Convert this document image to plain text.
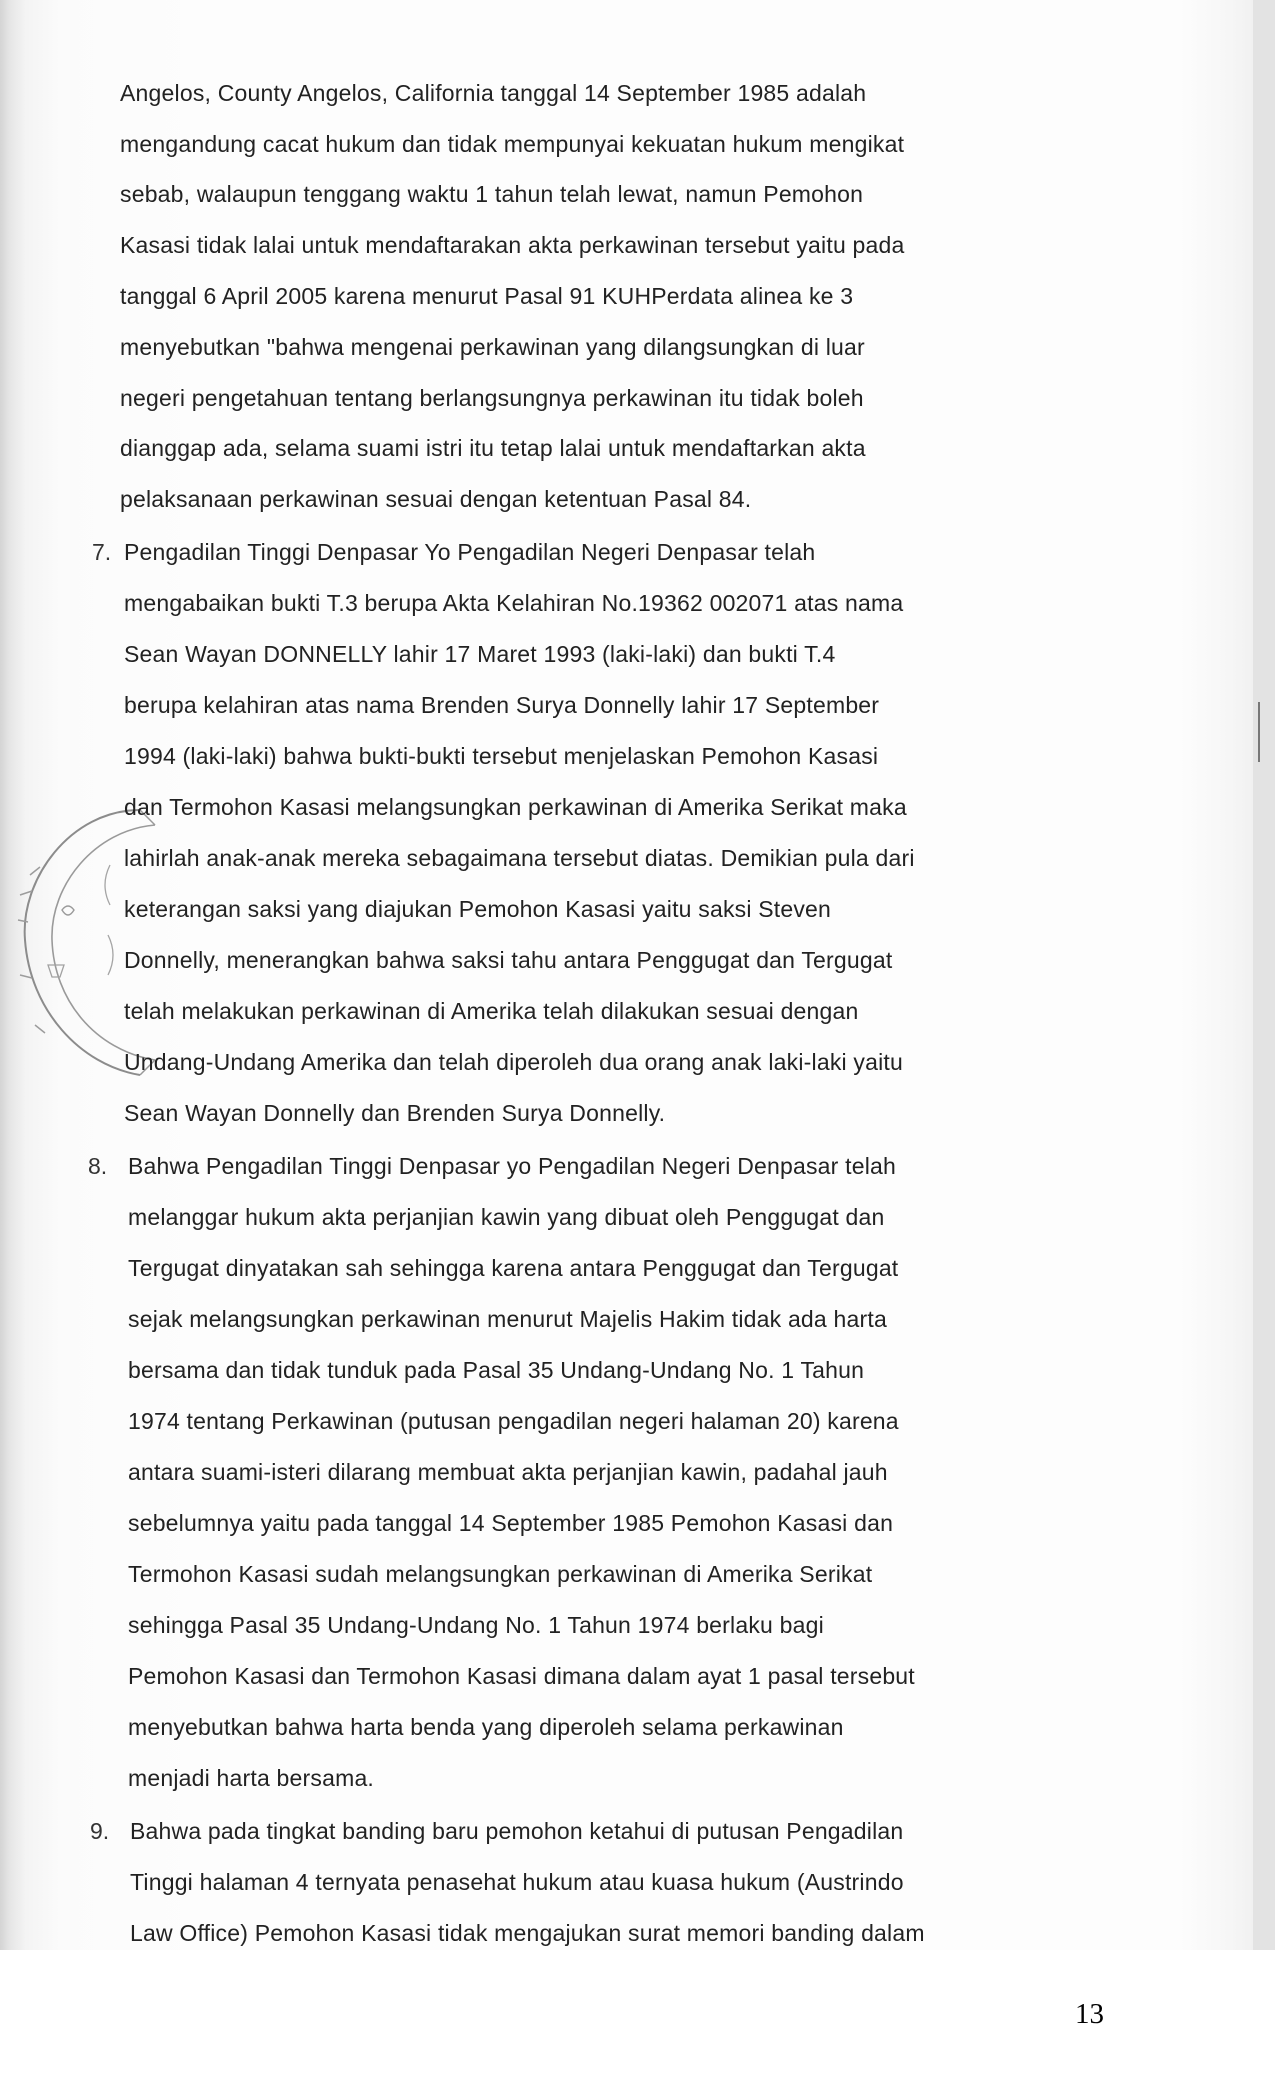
Angelos, County Angelos, California tanggal 14 September 1985 adalah
mengandung cacat hukum dan tidak mempunyai kekuatan hukum mengikat
sebab, walaupun tenggang waktu 1 tahun telah lewat, namun Pemohon
Kasasi tidak lalai untuk mendaftarakan akta perkawinan tersebut yaitu pada
tanggal 6 April 2005 karena menurut Pasal 91 KUHPerdata alinea ke 3
menyebutkan "bahwa mengenai perkawinan yang dilangsungkan di luar
negeri pengetahuan tentang berlangsungnya perkawinan itu tidak boleh
dianggap ada, selama suami istri itu tetap lalai untuk mendaftarkan akta
pelaksanaan perkawinan sesuai dengan ketentuan Pasal 84.
7. Pengadilan Tinggi Denpasar Yo Pengadilan Negeri Denpasar telah
mengabaikan bukti T.3 berupa Akta Kelahiran No.19362 002071 atas nama
Sean Wayan DONNELLY lahir 17 Maret 1993 (laki-laki) dan bukti T.4
berupa kelahiran atas nama Brenden Surya Donnelly lahir 17 September
1994 (laki-laki) bahwa bukti-bukti tersebut menjelaskan Pemohon Kasasi
dan Termohon Kasasi melangsungkan perkawinan di Amerika Serikat maka
lahirlah anak-anak mereka sebagaimana tersebut diatas. Demikian pula dari
keterangan saksi yang diajukan Pemohon Kasasi yaitu saksi Steven
Donnelly, menerangkan bahwa saksi tahu antara Penggugat dan Tergugat
telah melakukan perkawinan di Amerika telah dilakukan sesuai dengan
Undang-Undang Amerika dan telah diperoleh dua orang anak laki-laki yaitu
Sean Wayan Donnelly dan Brenden Surya Donnelly.
8. Bahwa Pengadilan Tinggi Denpasar yo Pengadilan Negeri Denpasar telah
melanggar hukum akta perjanjian kawin yang dibuat oleh Penggugat dan
Tergugat dinyatakan sah sehingga karena antara Penggugat dan Tergugat
sejak melangsungkan perkawinan menurut Majelis Hakim tidak ada harta
bersama dan tidak tunduk pada Pasal 35 Undang-Undang No. 1 Tahun
1974 tentang Perkawinan (putusan pengadilan negeri halaman 20) karena
antara suami-isteri dilarang membuat akta perjanjian kawin, padahal jauh
sebelumnya yaitu pada tanggal 14 September 1985 Pemohon Kasasi dan
Termohon Kasasi sudah melangsungkan perkawinan di Amerika Serikat
sehingga Pasal 35 Undang-Undang No. 1 Tahun 1974 berlaku bagi
Pemohon Kasasi dan Termohon Kasasi dimana dalam ayat 1 pasal tersebut
menyebutkan bahwa harta benda yang diperoleh selama perkawinan
menjadi harta bersama.
9. Bahwa pada tingkat banding baru pemohon ketahui di putusan Pengadilan
Tinggi halaman 4 ternyata penasehat hukum atau kuasa hukum (Austrindo
Law Office) Pemohon Kasasi tidak mengajukan surat memori banding dalam
13
